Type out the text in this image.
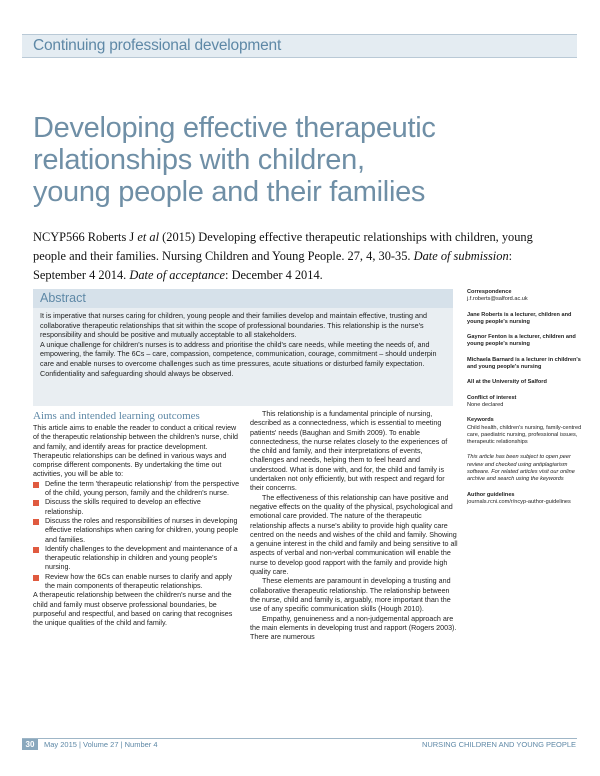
Continuing professional development
Developing effective therapeutic
relationships with children,
young people and their families
NCYP566 Roberts J et al (2015) Developing effective therapeutic relationships with children, young people and their families. Nursing Children and Young People. 27, 4, 30-35. Date of submission: September 4 2014. Date of acceptance: December 4 2014.
Abstract

It is imperative that nurses caring for children, young people and their families develop and maintain effective, trusting and collaborative therapeutic relationships that sit within the scope of professional boundaries. This relationship is the nurse's responsibility and should be positive and mutually acceptable to all stakeholders.

A unique challenge for children's nurses is to address and prioritise the child's care needs, while meeting the needs of, and empowering, the family. The 6Cs – care, compassion, competence, communication, courage, commitment – should underpin care and enable nurses to overcome challenges such as time pressures, acute situations or disturbed family expectation. Confidentiality and safeguarding should always be observed.

Correspondence
j.f.roberts@salford.ac.uk
Jane Roberts is a lecturer, children and young people's nursing
Gaynor Fenton is a lecturer, children and young people's nursing
Michaela Barnard is a lecturer in children's and young people's nursing
All at the University of Salford
Conflict of interest
None declared
Keywords
Child health, children's nursing, family-centred care, paediatric nursing, professional issues, therapeutic relationships
This article has been subject to open peer review and checked using antiplagiarism software. For related articles visit our online archive and search using the keywords
Author guidelines
journals.rcni.com/r/ncyp-author-guidelines
Aims and intended learning outcomes

This article aims to enable the reader to conduct a critical review of the therapeutic relationship between the children's nurse, child and family, and identify areas for practice development. Therapeutic relationships can be defined in various ways and comprise different components. By undertaking the time out activities, you will be able to:

Define the term 'therapeutic relationship' from the perspective of the child, young person, family and the children's nurse.
Discuss the skills required to develop an effective relationship.
Discuss the roles and responsibilities of nurses in developing effective relationships when caring for children, young people and families.
Identify challenges to the development and maintenance of a therapeutic relationship in children and young people's nursing.
Review how the 6Cs can enable nurses to clarify and apply the main components of therapeutic relationships.

A therapeutic relationship between the children's nurse and the child and family must observe professional boundaries, be purposeful and respectful, and based on caring that recognises the unique qualities of the child and family.

This relationship is a fundamental principle of nursing, described as a connectedness, which is essential to meeting patients' needs (Baughan and Smith 2009). To enable connectedness, the nurse relates closely to the experiences of the child and family, and their interpretations of events, challenges and needs, helping them to feel heard and understood. What is done with, and for, the child and family is undertaken not only efficiently, but with respect and regard for their concerns.

The effectiveness of this relationship can have positive and negative effects on the quality of the physical, psychological and emotional care provided. The nature of the therapeutic relationship affects a nurse's ability to provide high quality care centred on the needs and wishes of the child and family. Showing a genuine interest in the child and family and being sensitive to all aspects of verbal and non-verbal communication will enable the nurse to develop good rapport with the family and provide high quality care.

These elements are paramount in developing a trusting and collaborative therapeutic relationship. The relationship between the nurse, child and family is, arguably, more important than the use of any specific communication skills (Hough 2010).

Empathy, genuineness and a non-judgemental approach are the main elements in developing trust and rapport (Rogers 2003). There are numerous

30	May 2015 | Volume 27 | Number 4	NURSING CHILDREN AND YOUNG PEOPLE
